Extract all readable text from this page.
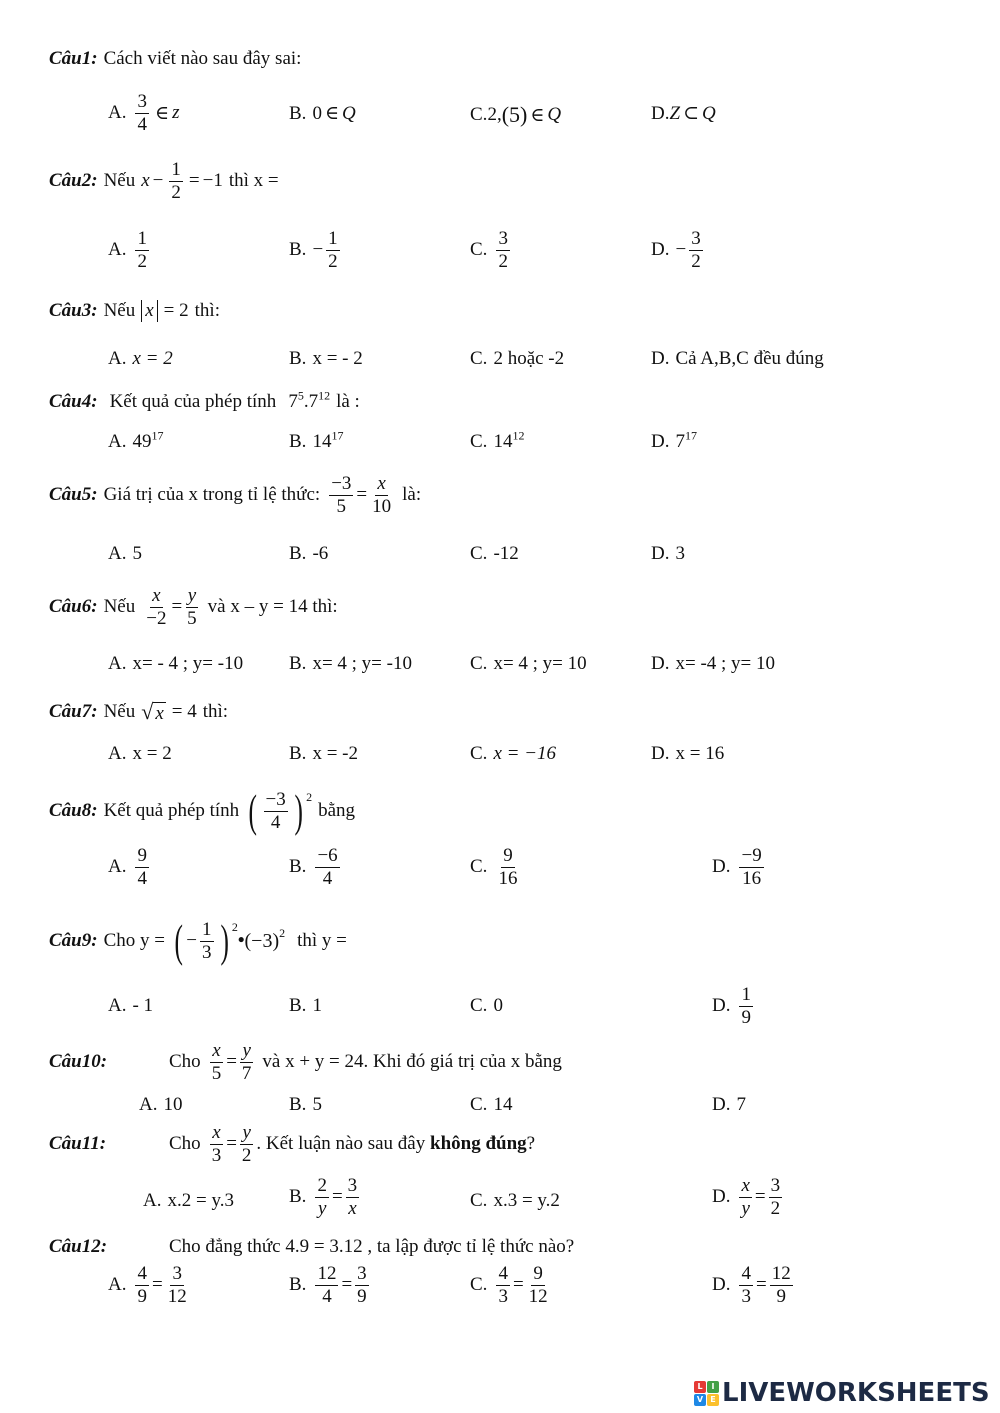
Câu1: Cách viết nào sau đây sai:
A. $\frac{3}{4}$ ∈ z	B. 0 ∈ Q	C. 2, (5) ∈ Q	D. Z ⊂ Q
Câu2: Nếu $x - \frac{1}{2} = -1$ thì x =
A. $\frac{1}{2}$	B. − $\frac{1}{2}$	C. $\frac{3}{2}$	D. − $\frac{3}{2}$
Câu3: Nếu x = 2 thì:
A. x = 2	B. x = - 2	C. 2 hoặc -2	D. Cả A,B,C đều đúng
Câu4: Kết quả của phép tính $7^5.7^{12}$ là :
A. $49^{17}$	B. $14^{17}$	C. $14^{12}$	D. $7^{17}$
Câu5: Giá trị của x trong tỉ lệ thức: $\frac{-3}{5} = \frac{x}{10}$ là:
A. 5	B. -6	C. -12	D. 3
Câu6: Nếu $\frac{x}{-2} = \frac{y}{5}$ và x – y = 14 thì:
A. x= - 4 ; y= -10 B. x= 4 ; y= -10	C. x= 4 ; y= 10	D. x= -4 ; y= 10
Câu7: Nếu √ x = 4 thì:
A. x = 2	B. x = -2	C. x = −16	D. x = 16
Câu8: Kết quả phép tính ( $\frac{-3}{4}$ ) 2
bằng
A. $\frac{9}{4}$	B. $\frac{-6}{4}$	C. $\frac{9}{16}$	D. $\frac{-9}{16}$
Câu9: Cho y = ( − $\frac{1}{3}$ ) 2
• (−3) 2 thì y =
A. - 1	B. 1	C. 0	D. $\frac{1}{9}$
Câu10:	Cho $\frac{x}{5} = \frac{y}{7}$ và x + y = 24. Khi đó giá trị của x bằng
A. 10	B. 5	C. 14	D. 7
Câu11:	Cho $\frac{x}{3} = \frac{y}{2}$ . Kết luận nào sau đây
không đúng ?
A. x.2 = y.3	B. $\frac{2}{y} = \frac{3}{x}$	C. x.3 = y.2	D. $\frac{x}{y} = \frac{3}{2}$
Câu12:	Cho đẳng thức 4.9 = 3.12 , ta lập được tỉ lệ thức nào?
A. $\frac{4}{9} = \frac{3}{12}$	B. $\frac{12}{4} = \frac{3}{9}$	C. $\frac{4}{3} = \frac{9}{12}$	D. $\frac{4}{3} = \frac{12}{9}$
L	I
V E LIVEWORKSHEETS
